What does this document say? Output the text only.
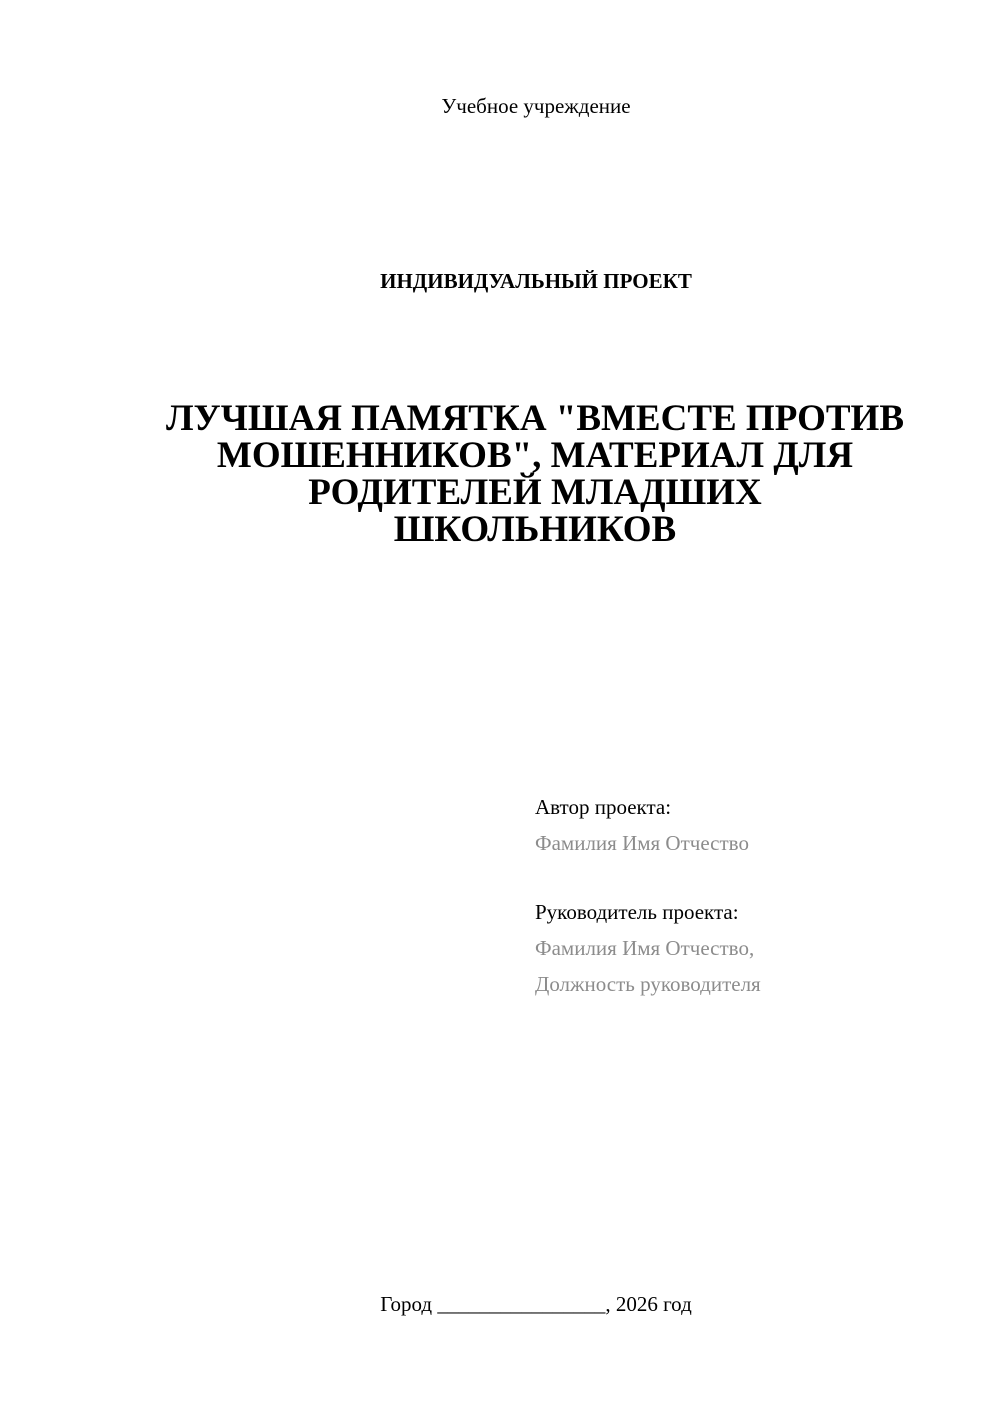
Учебное учреждение
ИНДИВИДУАЛЬНЫЙ ПРОЕКТ
ЛУЧШАЯ ПАМЯТКА "ВМЕСТЕ ПРОТИВ
МОШЕННИКОВ", МАТЕРИАЛ ДЛЯ
РОДИТЕЛЕЙ МЛАДШИХ
ШКОЛЬНИКОВ
Автор проекта:
Фамилия Имя Отчество
Руководитель проекта:
Фамилия Имя Отчество,
Должность руководителя
Город ________________, 2026 год
